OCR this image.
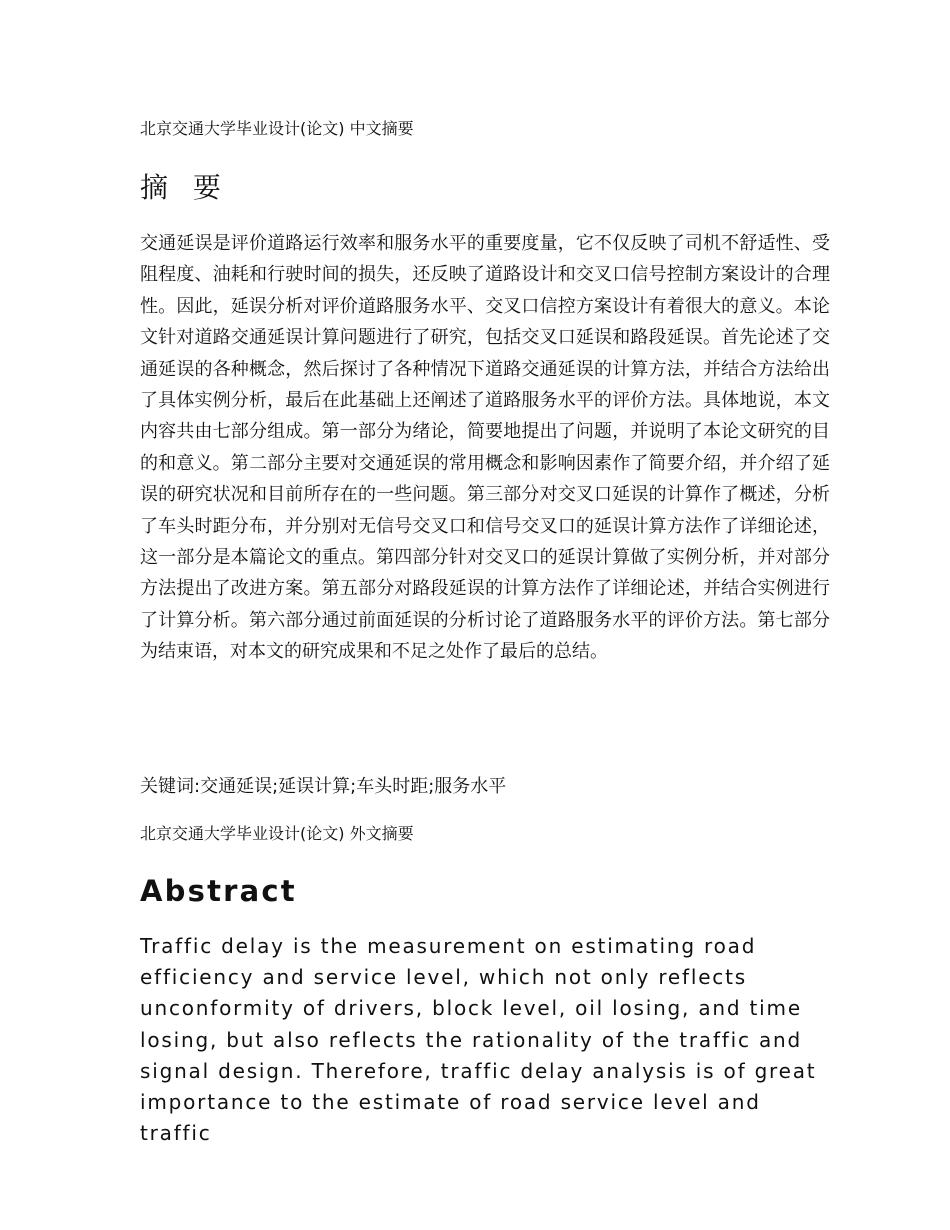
北京交通大学毕业设计(论文) 中文摘要
摘 要

交通延误是评价道路运行效率和服务水平的重要度量，它不仅反映了司机不舒适性、受阻程度、油耗和行驶时间的损失，还反映了道路设计和交叉口信号控制方案设计的合理性。因此，延误分析对评价道路服务水平、交叉口信控方案设计有着很大的意义。本论文针对道路交通延误计算问题进行了研究，包括交叉口延误和路段延误。首先论述了交通延误的各种概念，然后探讨了各种情况下道路交通延误的计算方法，并结合方法给出了具体实例分析，最后在此基础上还阐述了道路服务水平的评价方法。具体地说，本文内容共由七部分组成。第一部分为绪论，简要地提出了问题，并说明了本论文研究的目的和意义。第二部分主要对交通延误的常用概念和影响因素作了简要介绍，并介绍了延误的研究状况和目前所存在的一些问题。第三部分对交叉口延误的计算作了概述，分析了车头时距分布，并分别对无信号交叉口和信号交叉口的延误计算方法作了详细论述，这一部分是本篇论文的重点。第四部分针对交叉口的延误计算做了实例分析，并对部分方法提出了改进方案。第五部分对路段延误的计算方法作了详细论述，并结合实例进行了计算分析。第六部分通过前面延误的分析讨论了道路服务水平的评价方法。第七部分为结束语，对本文的研究成果和不足之处作了最后的总结。

关键词:交通延误;延误计算;车头时距;服务水平
北京交通大学毕业设计(论文) 外文摘要
Abstract

Traffic delay is the measurement on estimating road
efficiency and service level, which not only reflects
unconformity of drivers, block level, oil losing, and time
losing, but also reflects the rationality of the traffic and
signal design. Therefore, traffic delay analysis is of great
importance to the estimate of road service level and traffic
